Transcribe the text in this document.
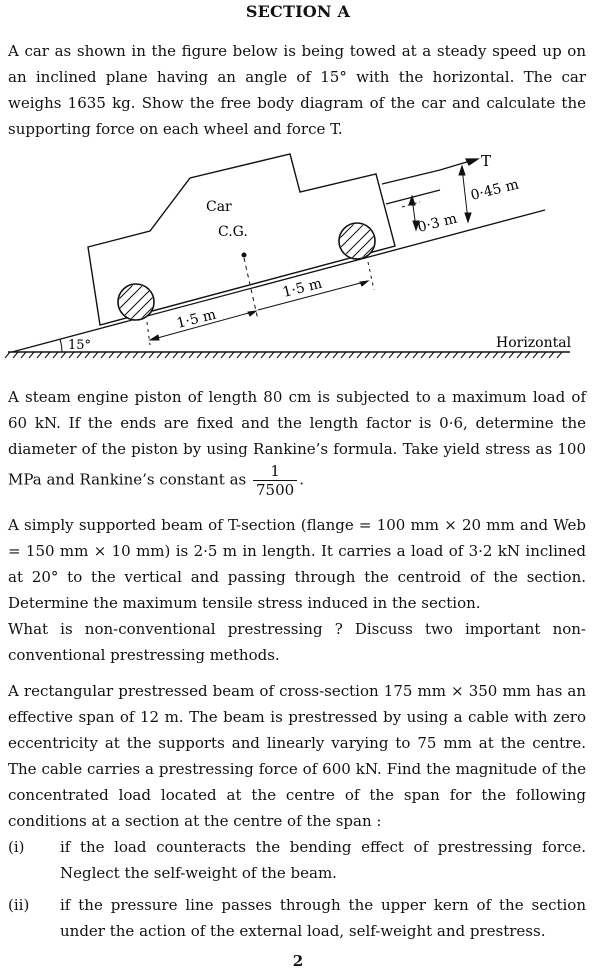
SECTION A

A car as shown in the figure below is being towed at a steady speed up on an inclined plane having an angle of 15° with the horizontal. The car weighs 1635 kg. Show the free body diagram of the car and calculate the supporting force on each wheel and force T.

Car
C.G.
T
0·45 m
0·3 m
1·5 m
1·5 m
15°	Horizontal

A steam engine piston of length 80 cm is subjected to a maximum load of 60 kN. If the ends are fixed and the length factor is 0·6, determine the diameter of the piston by using Rankine’s formula. Take yield stress as 100 MPa and Rankine’s constant as $\frac{1}{7500}$ .

A simply supported beam of T-section (flange = 100 mm × 20 mm and Web = 150 mm × 10 mm) is 2·5 m in length. It carries a load of 3·2 kN inclined at 20° to the vertical and passing through the centroid of the section. Determine the maximum tensile stress induced in the section.

What is non-conventional prestressing ? Discuss two important non-conventional prestressing methods.

A rectangular prestressed beam of cross-section 175 mm × 350 mm has an effective span of 12 m. The beam is prestressed by using a cable with zero eccentricity at the supports and linearly varying to 75 mm at the centre. The cable carries a prestressing force of 600 kN. Find the magnitude of the concentrated load located at the centre of the span for the following conditions at a section at the centre of the span :

(i) if the load counteracts the bending effect of prestressing force. Neglect the self-weight of the beam.
(ii) if the pressure line passes through the upper kern of the section under the action of the external load, self-weight and prestress.
2
